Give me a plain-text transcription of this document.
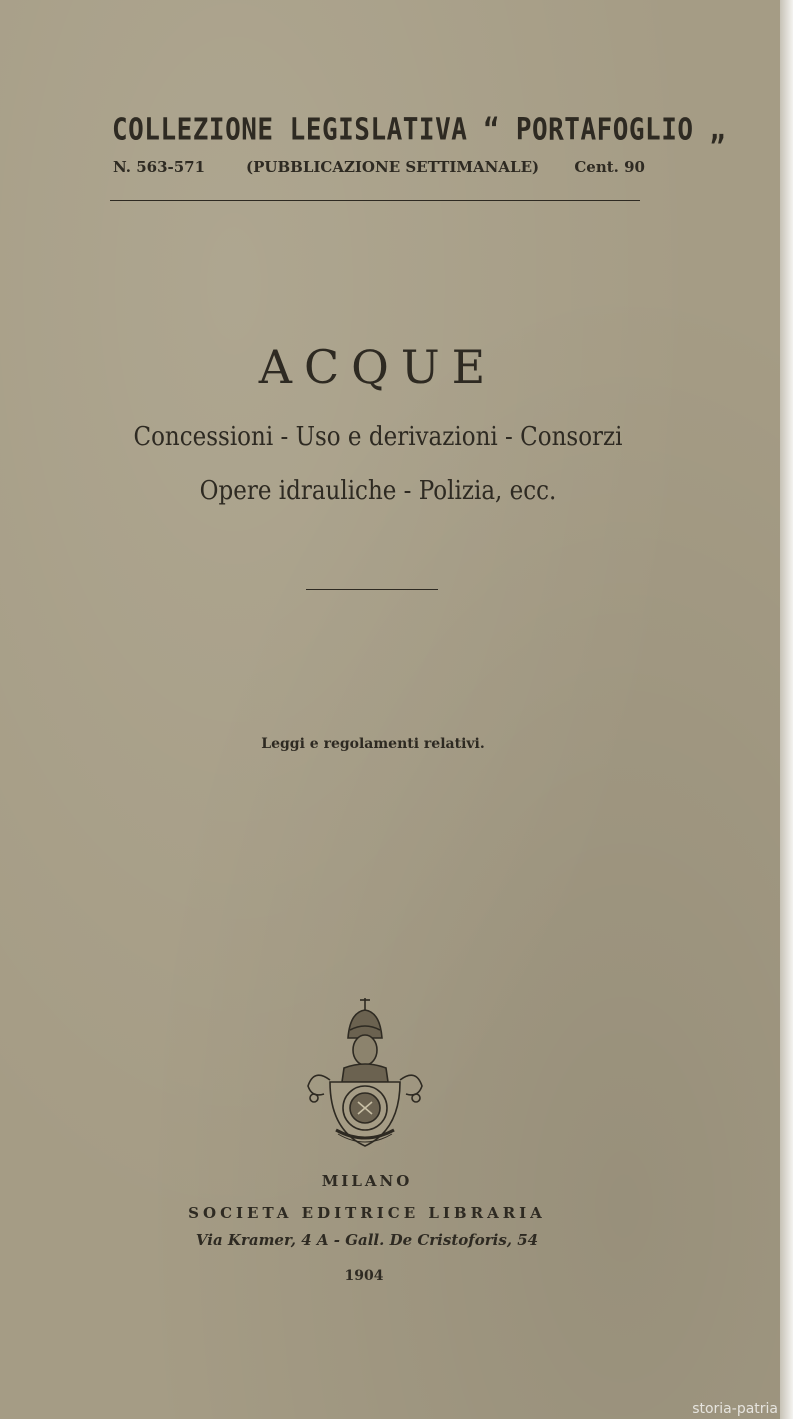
COLLEZIONE LEGISLATIVA “ PORTAFOGLIO „
N. 563-571	(PUBBLICAZIONE SETTIMANALE) Cent. 90
ACQUE
Concessioni - Uso e derivazioni - Consorzi
Opere idrauliche - Polizia, ecc.
Leggi e regolamenti relativi.
MILANO
SOCIETA EDITRICE LIBRARIA
Via Kramer, 4 A - Gall. De Cristoforis, 54
1904
storia-patria
